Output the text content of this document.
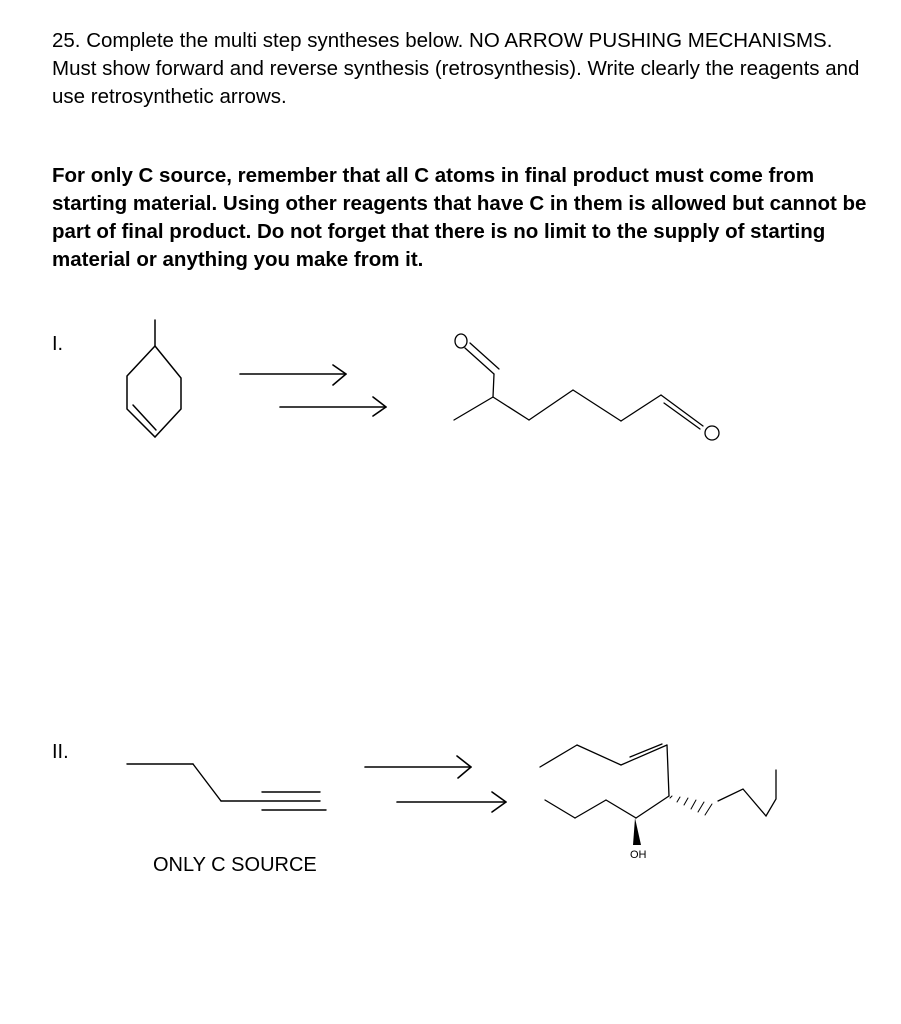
25. Complete the multi step syntheses below. NO ARROW PUSHING MECHANISMS. Must show forward and reverse synthesis (retrosynthesis). Write clearly the reagents and use retrosynthetic arrows.

For only C source, remember that all C atoms in final product must come from starting material. Using other reagents that have C in them is allowed but cannot be part of final product. Do not forget that there is no limit to the supply of starting material or anything you make from it.

I.
II.
OH
ONLY C SOURCE
